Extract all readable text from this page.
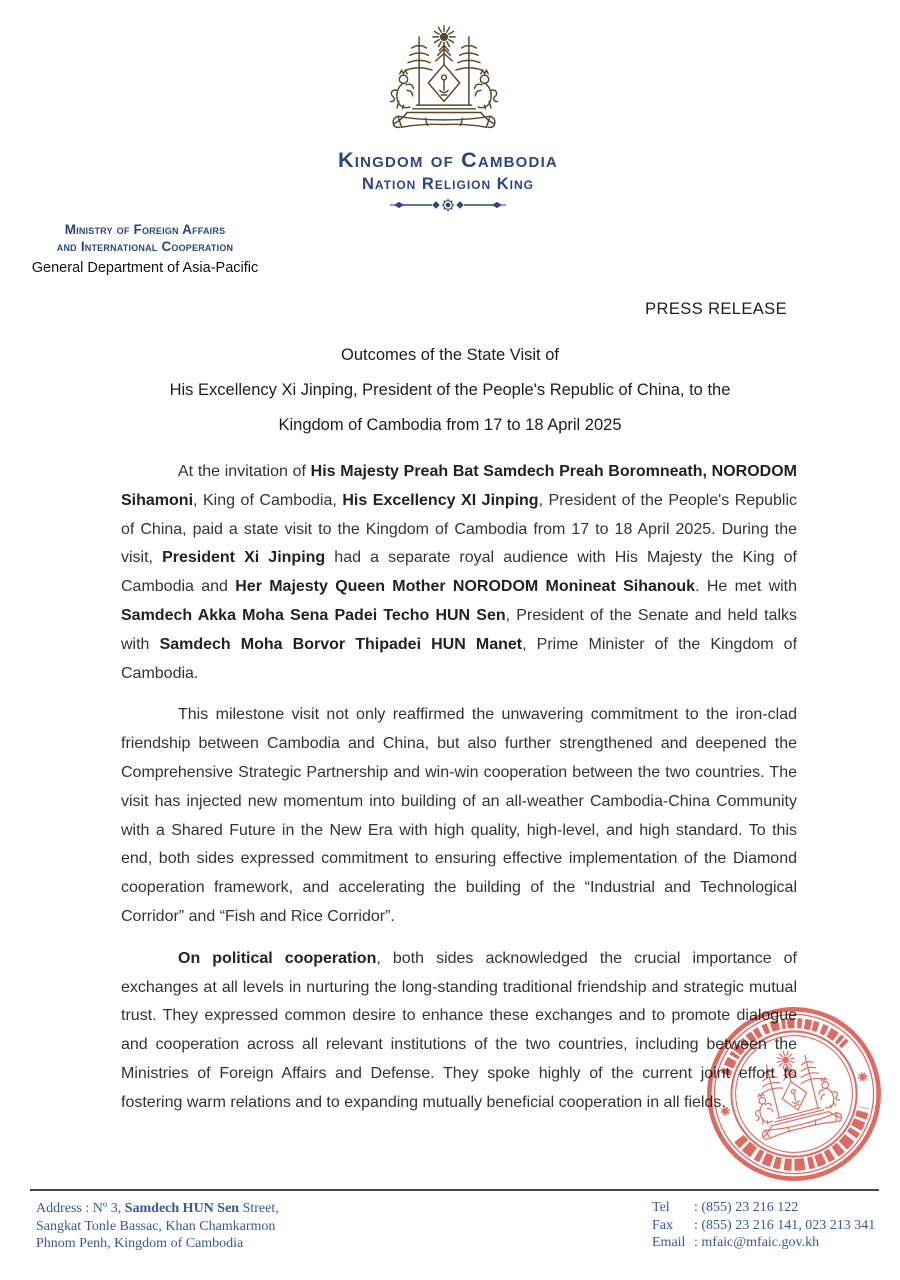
Kingdom of Cambodia
Nation Religion King
Ministry of Foreign Affairs
and International Cooperation
General Department of Asia-Pacific
PRESS RELEASE
Outcomes of the State Visit of
His Excellency Xi Jinping, President of the People's Republic of China, to the
Kingdom of Cambodia from 17 to 18 April 2025

At the invitation of His Majesty Preah Bat Samdech Preah Boromneath, NORODOM Sihamoni, King of Cambodia, His Excellency XI Jinping, President of the People's Republic of China, paid a state visit to the Kingdom of Cambodia from 17 to 18 April 2025. During the visit, President Xi Jinping had a separate royal audience with His Majesty the King of Cambodia and Her Majesty Queen Mother NORODOM Monineat Sihanouk. He met with Samdech Akka Moha Sena Padei Techo HUN Sen, President of the Senate and held talks with Samdech Moha Borvor Thipadei HUN Manet, Prime Minister of the Kingdom of Cambodia.

This milestone visit not only reaffirmed the unwavering commitment to the iron-clad friendship between Cambodia and China, but also further strengthened and deepened the Comprehensive Strategic Partnership and win-win cooperation between the two countries. The visit has injected new momentum into building of an all-weather Cambodia-China Community with a Shared Future in the New Era with high quality, high-level, and high standard. To this end, both sides expressed commitment to ensuring effective implementation of the Diamond cooperation framework, and accelerating the building of the “Industrial and Technological Corridor” and “Fish and Rice Corridor”.

On political cooperation, both sides acknowledged the crucial importance of exchanges at all levels in nurturing the long-standing traditional friendship and strategic mutual trust. They expressed common desire to enhance these exchanges and to promote dialogue and cooperation across all relevant institutions of the two countries, including between the Ministries of Foreign Affairs and Defense. They spoke highly of the current joint effort to fostering warm relations and to expanding mutually beneficial cooperation in all fields.

Address : Nº 3, Samdech HUN Sen Street,
Sangkat Tonle Bassac, Khan Chamkarmon
Phnom Penh, Kingdom of Cambodia
Tel : (855) 23 216 122
Fax : (855) 23 216 141, 023 213 341
Email : mfaic@mfaic.gov.kh
